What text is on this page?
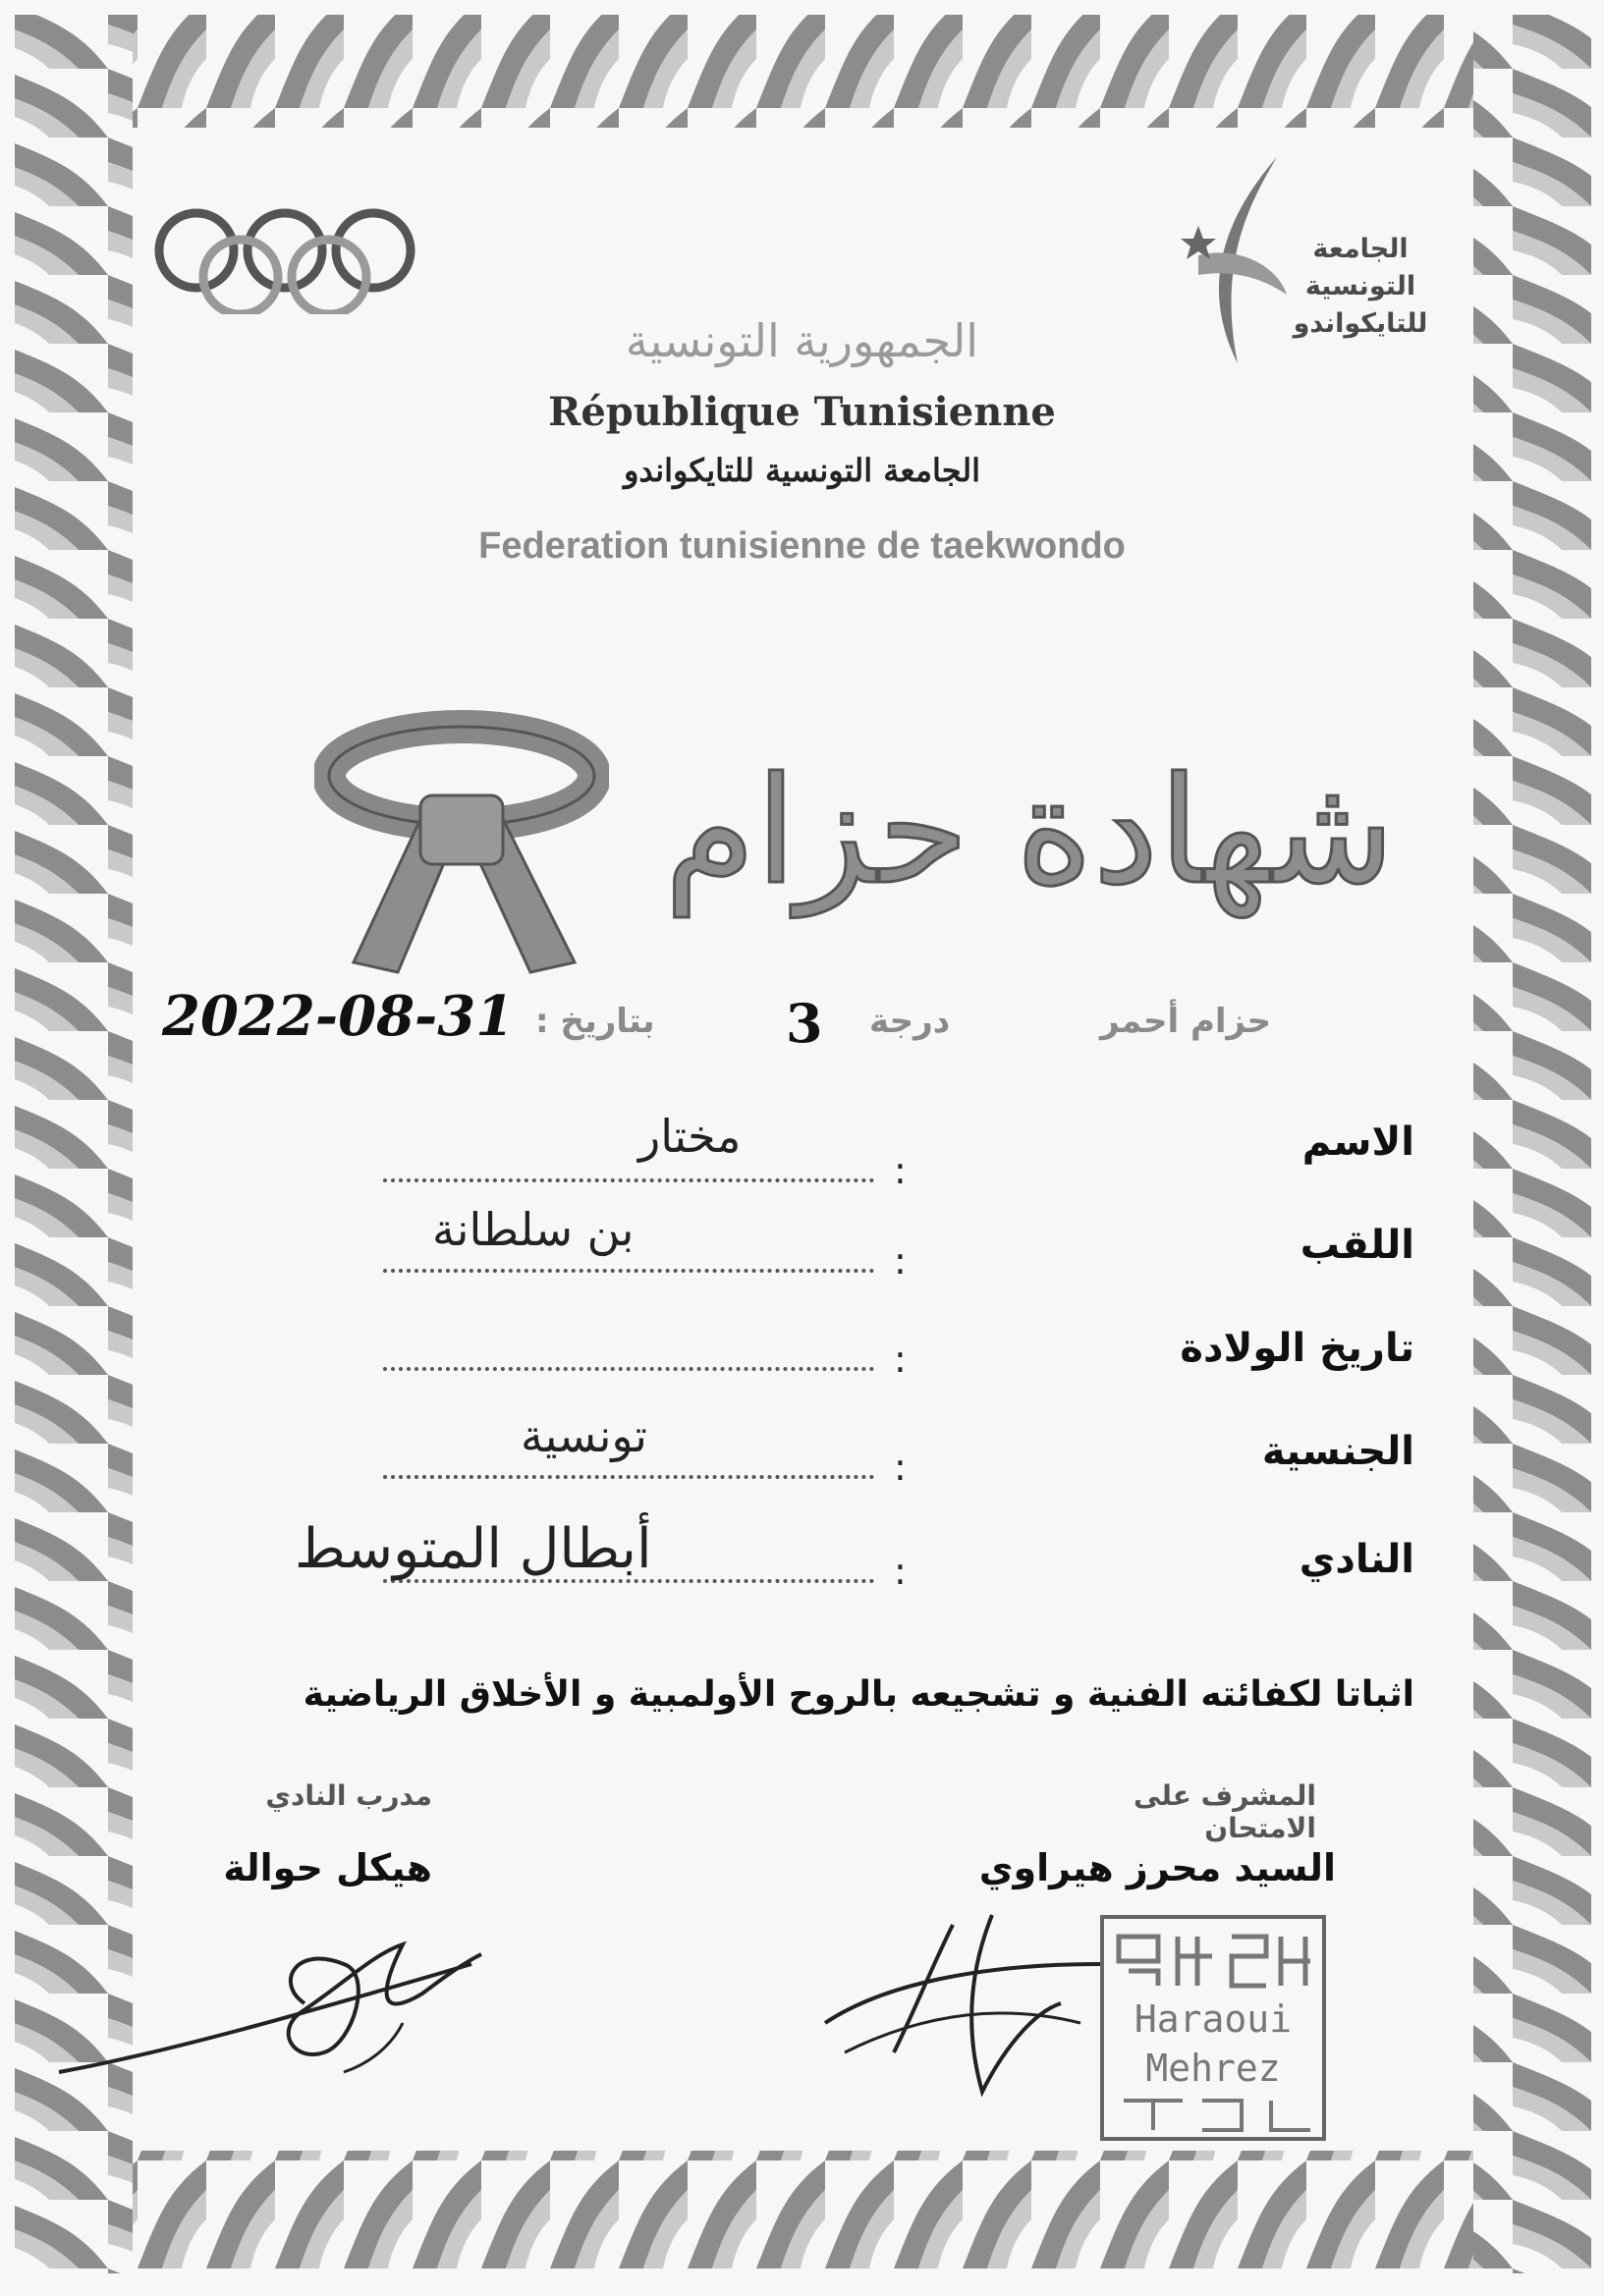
الجامعة
التونسية
للتايكواندو
الجمهورية التونسية
République Tunisienne
الجامعة التونسية للتايكواندو
Federation tunisienne de taekwondo
شهادة حزام
حزام أحمر
درجة
3
بتاريخ :
2022-08-31
الاسم
:
مختار
اللقب
:
بن سلطانة
تاريخ الولادة
:
الجنسية
:
تونسية
النادي
:
أبطال المتوسط
اثباتا لكفائته الفنية و تشجيعه بالروح الأولمبية و الأخلاق الرياضية
المشرف على الامتحان
السيد محرز هيراوي
مدرب النادي
هيكل حوالة
Haraoui
Mehrez
